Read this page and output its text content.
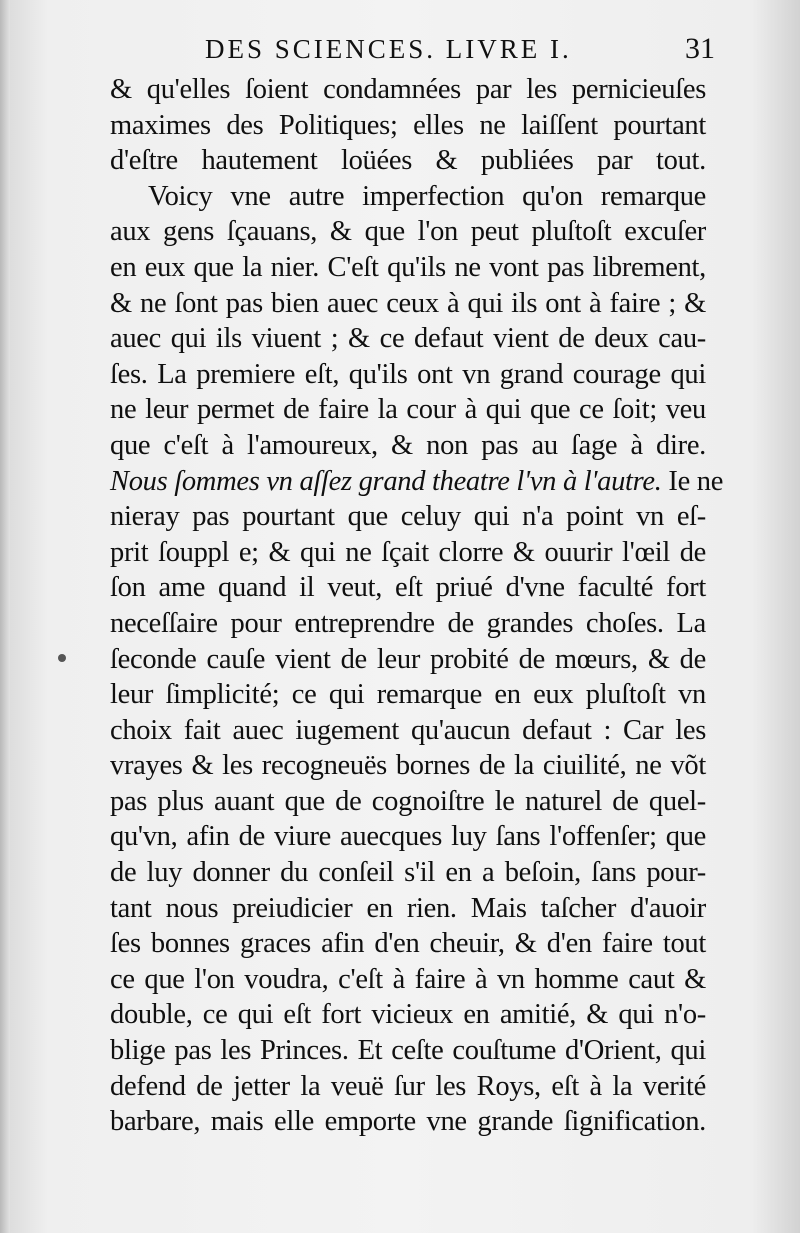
DES SCIENCES. LIVRE I.	31
& qu'elles ſoient condamnées par les pernicieuſes
maximes des Politiques; elles ne laiſſent pourtant
d'eſtre hautement loüées & publiées par tout.
Voicy vne autre imperfection qu'on remarque
aux gens ſçauans, & que l'on peut pluſtoſt excuſer
en eux que la nier. C'eſt qu'ils ne vont pas librement,
& ne ſont pas bien auec ceux à qui ils ont à faire ; &
auec qui ils viuent ; & ce defaut vient de deux cau-
ſes. La premiere eſt, qu'ils ont vn grand courage qui
ne leur permet de faire la cour à qui que ce ſoit; veu
que c'eſt à l'amoureux, & non pas au ſage à dire.
Nous ſommes vn aſſez grand theatre l'vn à l'autre. Ie ne
nieray pas pourtant que celuy qui n'a point vn eſ-
prit ſouppl e; & qui ne ſçait clorre & ouurir l'œil de
ſon ame quand il veut, eſt priué d'vne faculté fort
neceſſaire pour entreprendre de grandes choſes. La
ſeconde cauſe vient de leur probité de mœurs, & de
leur ſimplicité; ce qui remarque en eux pluſtoſt vn
choix fait auec iugement qu'aucun defaut : Car les
vrayes & les recogneuës bornes de la ciuilité, ne võt
pas plus auant que de cognoiſtre le naturel de quel-
qu'vn, afin de viure auecques luy ſans l'offenſer; que
de luy donner du conſeil s'il en a beſoin, ſans pour-
tant nous preiudicier en rien. Mais taſcher d'auoir
ſes bonnes graces afin d'en cheuir, & d'en faire tout
ce que l'on voudra, c'eſt à faire à vn homme caut &
double, ce qui eſt fort vicieux en amitié, & qui n'o-
blige pas les Princes. Et ceſte couſtume d'Orient, qui
defend de jetter la veuë ſur les Roys, eſt à la verité
barbare, mais elle emporte vne grande ſignification.
